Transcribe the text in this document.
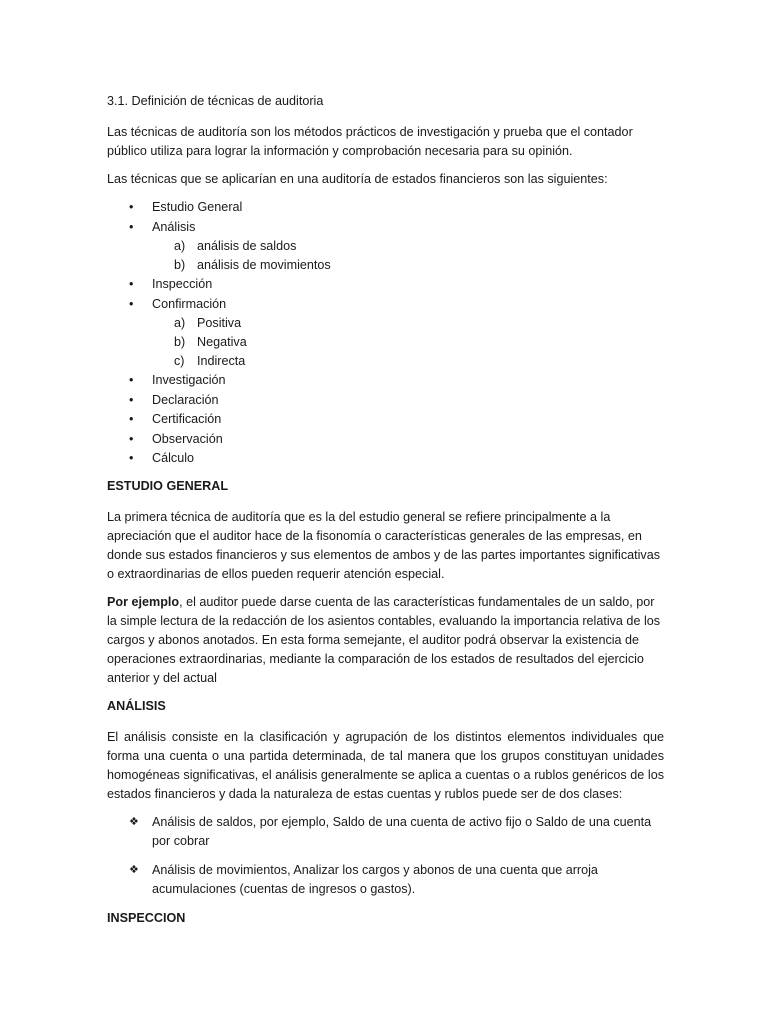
3.1. Definición de técnicas de auditoria

Las técnicas de auditoría son los métodos prácticos de investigación y prueba que el contador público utiliza para lograr la información y comprobación necesaria para su opinión.

Las técnicas que se aplicarían en una auditoría de estados financieros son las siguientes:

• Estudio General
• Análisis
a) análisis de saldos
b) análisis de movimientos
• Inspección
• Confirmación
a) Positiva
b) Negativa
c) Indirecta
• Investigación
• Declaración
• Certificación
• Observación
• Cálculo

ESTUDIO GENERAL

La primera técnica de auditoría que es la del estudio general se refiere principalmente a la apreciación que el auditor hace de la fisonomía o características generales de las empresas, en donde sus estados financieros y sus elementos de ambos y de las partes importantes significativas o extraordinarias de ellos pueden requerir atención especial.

Por ejemplo, el auditor puede darse cuenta de las características fundamentales de un saldo, por la simple lectura de la redacción de los asientos contables, evaluando la importancia relativa de los cargos y abonos anotados. En esta forma semejante, el auditor podrá observar la existencia de operaciones extraordinarias, mediante la comparación de los estados de resultados del ejercicio anterior y del actual

ANÁLISIS

El análisis consiste en la clasificación y agrupación de los distintos elementos individuales que forma una cuenta o una partida determinada, de tal manera que los grupos constituyan unidades homogéneas significativas, el análisis generalmente se aplica a cuentas o a rublos genéricos de los estados financieros y dada la naturaleza de estas cuentas y rublos puede ser de dos clases:

❖ Análisis de saldos, por ejemplo, Saldo de una cuenta de activo fijo o Saldo de una cuenta por cobrar
❖ Análisis de movimientos, Analizar los cargos y abonos de una cuenta que arroja acumulaciones (cuentas de ingresos o gastos).

INSPECCION
